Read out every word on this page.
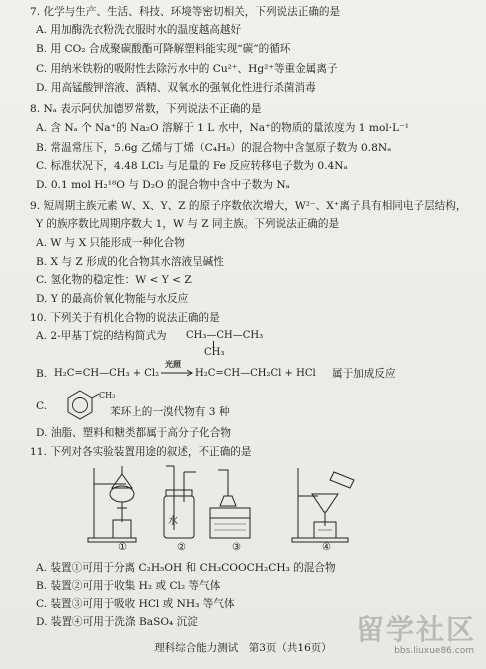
7. 化学与生产、生活、科技、环境等密切相关，下列说法正确的是
A. 用加酶洗衣粉洗衣服时水的温度越高越好
B. 用 CO₂ 合成聚碳酸酯可降解塑料能实现“碳”的循环
C. 用纳米铁粉的吸附性去除污水中的 Cu²⁺、Hg²⁺等重金属离子
D. 用高锰酸钾溶液、酒精、双氧水的强氧化性进行杀菌消毒
8. Nₐ 表示阿伏加德罗常数，下列说法不正确的是
A. 含 Nₐ 个 Na⁺的 Na₂O 溶解于 1 L 水中，Na⁺的物质的量浓度为 1 mol·L⁻¹
B. 常温常压下，5.6g 乙烯与丁烯（C₄H₈）的混合物中含氢原子数为 0.8Nₐ
C. 标准状况下，4.48 LCl₂ 与足量的 Fe 反应转移电子数为 0.4Nₐ
D. 0.1 mol H₂¹⁸O 与 D₂O 的混合物中含中子数为 Nₐ
9. 短周期主族元素 W、X、Y、Z 的原子序数依次增大，W²⁻、X⁺离子具有相同电子层结构，
Y 的族序数比周期序数大 1，W 与 Z 同主族。下列说法正确的是
A. W 与 X 只能形成一种化合物
B. X 与 Z 形成的化合物其水溶液呈碱性
C. 氢化物的稳定性：W < Y < Z
D. Y 的最高价氧化物能与水反应
10. 下列关于有机化合物的说法正确的是
A. 2-甲基丁烷的结构简式为 CH₃—CH—CH₃
CH₃
B. H₂C=CH—CH₃ + Cl₂
光照
→ H₂C=CH—CH₂Cl + HCl 属于加成反应
C.
CH₃
苯环上的一溴代物有 3 种
D. 油脂、塑料和糖类都属于高分子化合物
11. 下列对各实验装置用途的叙述，不正确的是
水
①	②	③	④
A. 装置①可用于分离 C₂H₅OH 和 CH₃COOCH₂CH₃ 的混合物
B. 装置②可用于收集 H₂ 或 Cl₂ 等气体
C. 装置③可用于吸收 HCl 或 NH₃ 等气体
D. 装置④可用于洗涤 BaSO₄ 沉淀
理科综合能力测试　第3页（共16页）
留学社区
bbs.liuxue86.com
